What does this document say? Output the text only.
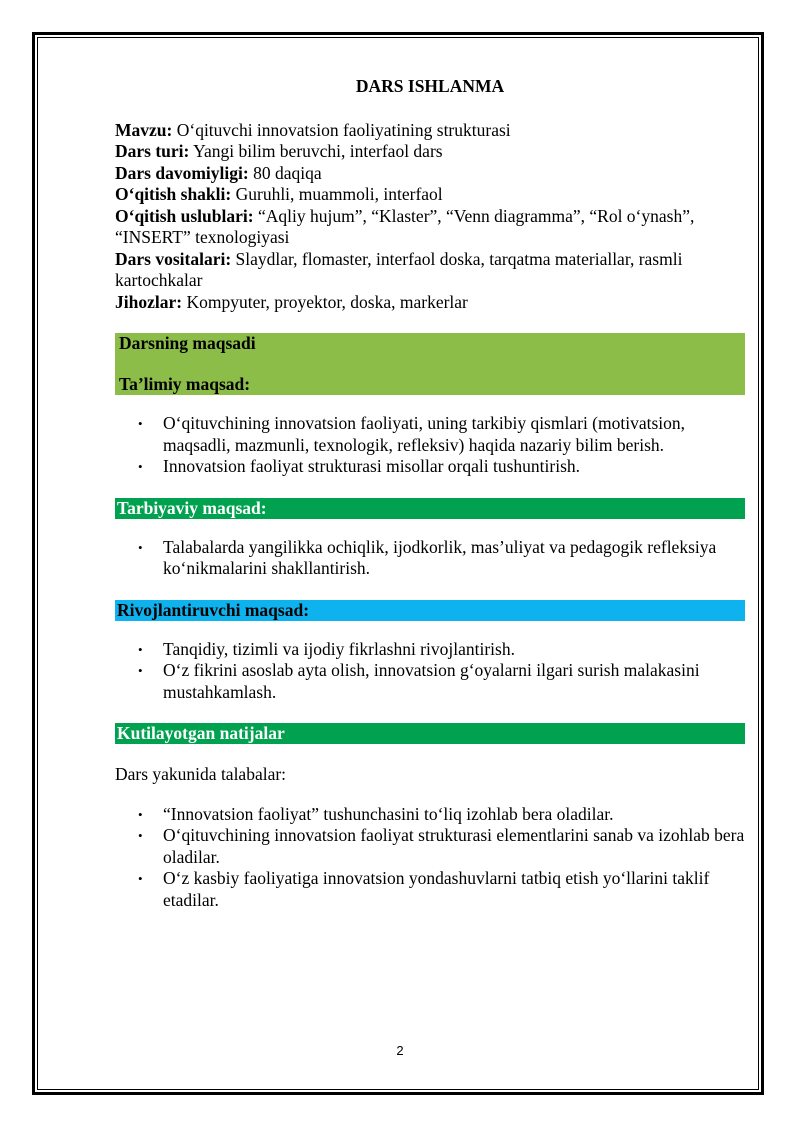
DARS ISHLANMA

Mavzu: O‘qituvchi innovatsion faoliyatining strukturasi

Dars turi: Yangi bilim beruvchi, interfaol dars

Dars davomiyligi: 80 daqiqa

O‘qitish shakli: Guruhli, muammoli, interfaol

O‘qitish uslublari: “Aqliy hujum”, “Klaster”, “Venn diagramma”, “Rol o‘ynash”, “INSERT” texnologiyasi

Dars vositalari: Slaydlar, flomaster, interfaol doska, tarqatma materiallar, rasmli kartochkalar

Jihozlar: Kompyuter, proyektor, doska, markerlar

Darsning maqsadi
Ta’limiy maqsad:
• O‘qituvchining innovatsion faoliyati, uning tarkibiy qismlari (motivatsion, maqsadli, mazmunli, texnologik, refleksiv) haqida nazariy bilim berish.
• Innovatsion faoliyat strukturasi misollar orqali tushuntirish.
Tarbiyaviy maqsad:
• Talabalarda yangilikka ochiqlik, ijodkorlik, mas’uliyat va pedagogik refleksiya ko‘nikmalarini shakllantirish.
Rivojlantiruvchi maqsad:
• Tanqidiy, tizimli va ijodiy fikrlashni rivojlantirish.
• O‘z fikrini asoslab ayta olish, innovatsion g‘oyalarni ilgari surish malakasini mustahkamlash.
Kutilayotgan natijalar

Dars yakunida talabalar:

• “Innovatsion faoliyat” tushunchasini to‘liq izohlab bera oladilar.
• O‘qituvchining innovatsion faoliyat strukturasi elementlarini sanab va izohlab bera oladilar.
• O‘z kasbiy faoliyatiga innovatsion yondashuvlarni tatbiq etish yo‘llarini taklif etadilar.
2
